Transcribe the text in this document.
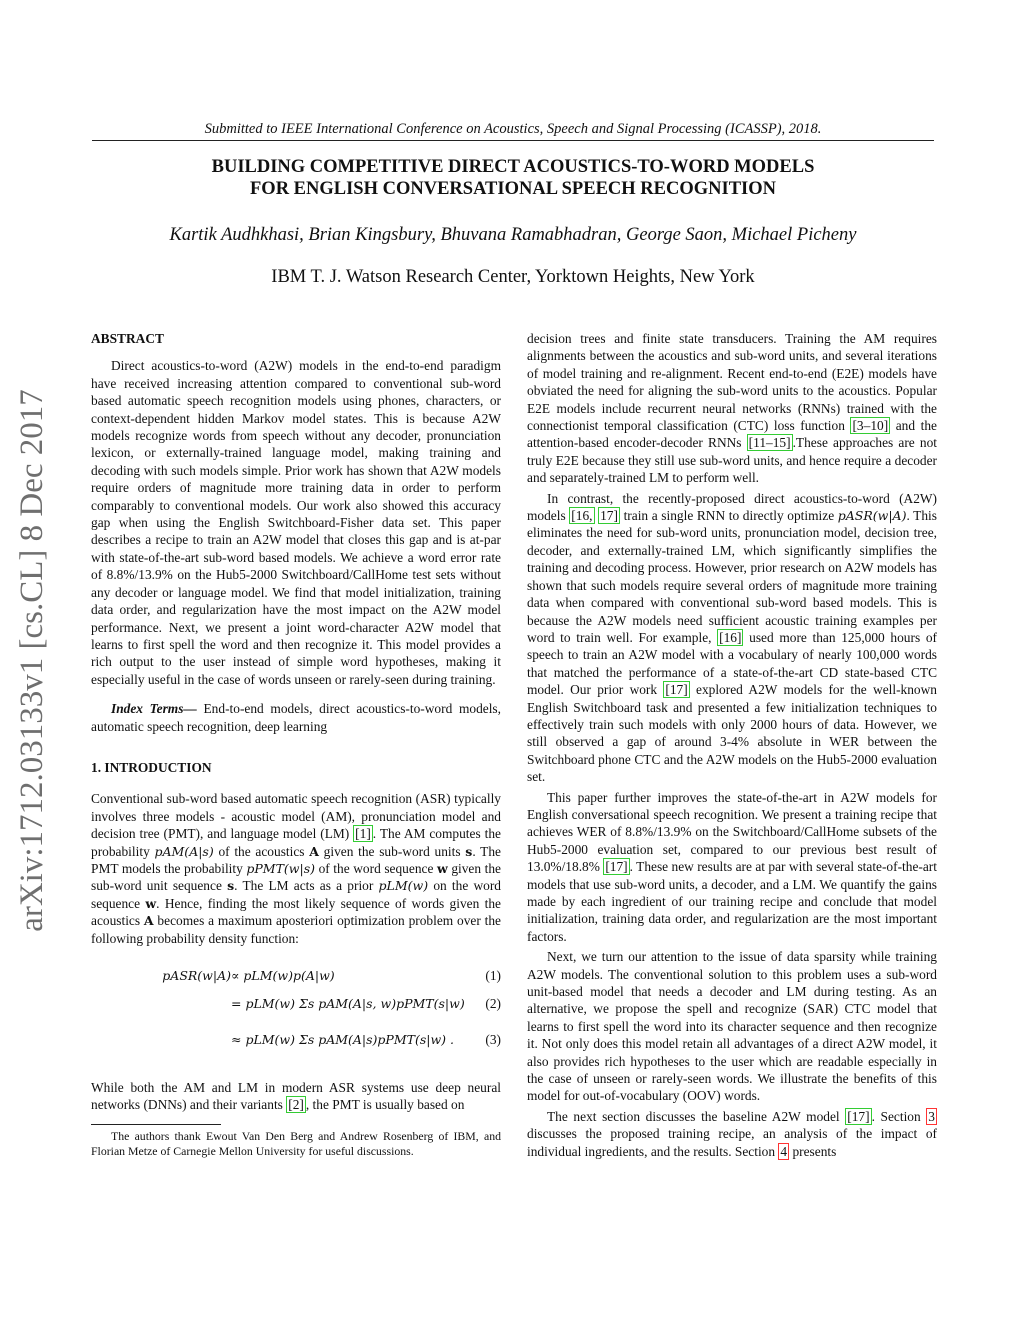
Submitted to IEEE International Conference on Acoustics, Speech and Signal Processing (ICASSP), 2018.
BUILDING COMPETITIVE DIRECT ACOUSTICS-TO-WORD MODELS
FOR ENGLISH CONVERSATIONAL SPEECH RECOGNITION
Kartik Audhkhasi, Brian Kingsbury, Bhuvana Ramabhadran, George Saon, Michael Picheny
IBM T. J. Watson Research Center, Yorktown Heights, New York
arXiv:1712.03133v1 [cs.CL] 8 Dec 2017

ABSTRACT

Direct acoustics-to-word (A2W) models in the end-to-end paradigm have received increasing attention compared to conventional sub-word based automatic speech recognition models using phones, characters, or context-dependent hidden Markov model states. This is because A2W models recognize words from speech without any decoder, pronunciation lexicon, or externally-trained language model, making training and decoding with such models simple. Prior work has shown that A2W models require orders of magnitude more training data in order to perform comparably to conventional models. Our work also showed this accuracy gap when using the English Switchboard-Fisher data set. This paper describes a recipe to train an A2W model that closes this gap and is at-par with state-of-the-art sub-word based models. We achieve a word error rate of 8.8%/13.9% on the Hub5-2000 Switchboard/CallHome test sets without any decoder or language model. We find that model initialization, training data order, and regularization have the most impact on the A2W model performance. Next, we present a joint word-character A2W model that learns to first spell the word and then recognize it. This model provides a rich output to the user instead of simple word hypotheses, making it especially useful in the case of words unseen or rarely-seen during training.

Index Terms— End-to-end models, direct acoustics-to-word models, automatic speech recognition, deep learning

1. INTRODUCTION

Conventional sub-word based automatic speech recognition (ASR) typically involves three models - acoustic model (AM), pronunciation model and decision tree (PMT), and language model (LM) [1] . The AM computes the probability pAM(A|s) of the acoustics A given the sub-word units s. The PMT models the probability pPMT(w|s) of the word sequence w given the sub-word unit sequence s. The LM acts as a prior pLM(w) on the word sequence w. Hence, finding the most likely sequence of words given the acoustics A becomes a maximum aposteriori optimization problem over the following probability density function:

pASR(w|A) ∝ pLM(w)p(A|w)	(1)
= pLM(w) Σs pAM(A|s, w)pPMT(s|w) (2)
≈ pLM(w) Σs pAM(A|s)pPMT(s|w) . (3)

While both the AM and LM in modern ASR systems use deep neural networks (DNNs) and their variants [2] , the PMT is usually based on

The authors thank Ewout Van Den Berg and Andrew Rosenberg of IBM, and Florian Metze of Carnegie Mellon University for useful discussions.

decision trees and finite state transducers. Training the AM requires alignments between the acoustics and sub-word units, and several iterations of model training and re-alignment. Recent end-to-end (E2E) models have obviated the need for aligning the sub-word units to the acoustics. Popular E2E models include recurrent neural networks (RNNs) trained with the connectionist temporal classification (CTC) loss function [3–10] and the attention-based encoder-decoder RNNs [11–15] .These approaches are not truly E2E because they still use sub-word units, and hence require a decoder and separately-trained LM to perform well.

In contrast, the recently-proposed direct acoustics-to-word (A2W) models [16, 17] train a single RNN to directly optimize pASR(w|A). This eliminates the need for sub-word units, pronunciation model, decision tree, decoder, and externally-trained LM, which significantly simplifies the training and decoding process. However, prior research on A2W models has shown that such models require several orders of magnitude more training data when compared with conventional sub-word based models. This is because the A2W models need sufficient acoustic training examples per word to train well. For example, [16] used more than 125,000 hours of speech to train an A2W model with a vocabulary of nearly 100,000 words that matched the performance of a state-of-the-art CD state-based CTC model. Our prior work [17] explored A2W models for the well-known English Switchboard task and presented a few initialization techniques to effectively train such models with only 2000 hours of data. However, we still observed a gap of around 3-4% absolute in WER between the Switchboard phone CTC and the A2W models on the Hub5-2000 evaluation set.

This paper further improves the state-of-the-art in A2W models for English conversational speech recognition. We present a training recipe that achieves WER of 8.8%/13.9% on the Switchboard/CallHome subsets of the Hub5-2000 evaluation set, compared to our previous best result of 13.0%/18.8% [17] . These new results are at par with several state-of-the-art models that use sub-word units, a decoder, and a LM. We quantify the gains made by each ingredient of our training recipe and conclude that model initialization, training data order, and regularization are the most important factors.

Next, we turn our attention to the issue of data sparsity while training A2W models. The conventional solution to this problem uses a sub-word unit-based model that needs a decoder and LM during testing. As an alternative, we propose the spell and recognize (SAR) CTC model that learns to first spell the word into its character sequence and then recognize it. Not only does this model retain all advantages of a direct A2W model, it also provides rich hypotheses to the user which are readable especially in the case of unseen or rarely-seen words. We illustrate the benefits of this model for out-of-vocabulary (OOV) words.

The next section discusses the baseline A2W model [17] . Section 3 discusses the proposed training recipe, an analysis of the impact of individual ingredients, and the results. Section 4 presents
